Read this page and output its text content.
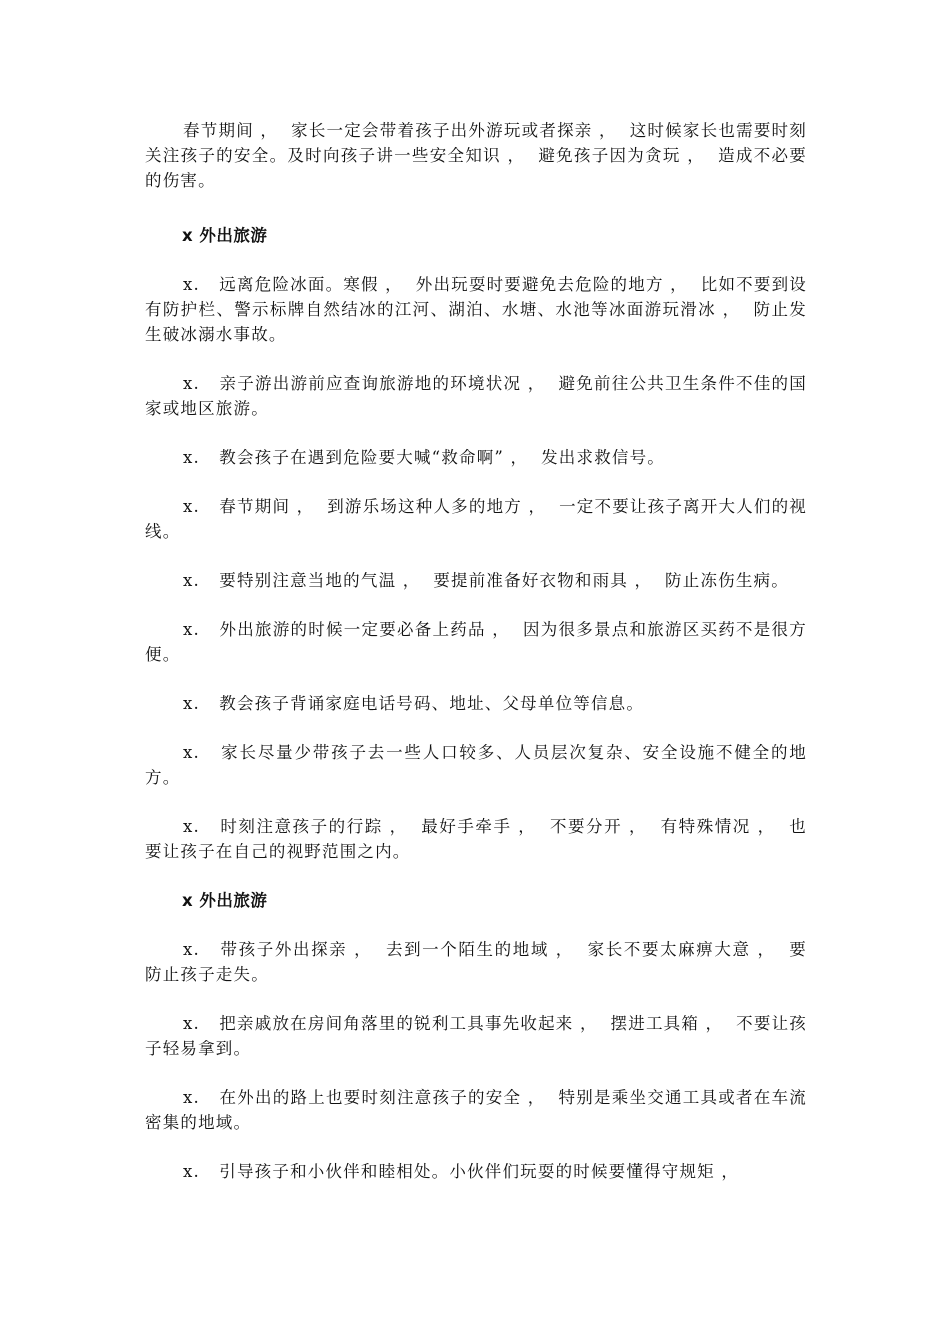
春节期间 ，  家长一定会带着孩子出外游玩或者探亲 ，  这时候家长也需要时刻关注孩子的安全。及时向孩子讲一些安全知识 ，  避免孩子因为贪玩 ，  造成不必要的伤害。

x 外出旅游

x.   远离危险冰面。寒假 ，  外出玩耍时要避免去危险的地方 ，  比如不要到设有防护栏、警示标牌自然结冰的江河、湖泊、水塘、水池等冰面游玩滑冰 ，  防止发生破冰溺水事故。

x.   亲子游出游前应查询旅游地的环境状况 ，  避免前往公共卫生条件不佳的国家或地区旅游。

x.   教会孩子在遇到危险要大喊“救命啊” ，  发出求救信号。

x.   春节期间 ，  到游乐场这种人多的地方 ，  一定不要让孩子离开大人们的视线。

x.   要特别注意当地的气温 ，  要提前准备好衣物和雨具 ，  防止冻伤生病。

x.   外出旅游的时候一定要必备上药品 ，  因为很多景点和旅游区买药不是很方便。

x.   教会孩子背诵家庭电话号码、地址、父母单位等信息。

x.   家长尽量少带孩子去一些人口较多、人员层次复杂、安全设施不健全的地方。

x.   时刻注意孩子的行踪 ，  最好手牵手 ，  不要分开 ，  有特殊情况 ，  也要让孩子在自己的视野范围之内。

x 外出旅游

x.   带孩子外出探亲 ，  去到一个陌生的地域 ，  家长不要太麻痹大意 ，  要防止孩子走失。

x.   把亲戚放在房间角落里的锐利工具事先收起来 ，  摆进工具箱 ，  不要让孩子轻易拿到。

x.   在外出的路上也要时刻注意孩子的安全 ，  特别是乘坐交通工具或者在车流密集的地域。

x.   引导孩子和小伙伴和睦相处。小伙伴们玩耍的时候要懂得守规矩 ，
